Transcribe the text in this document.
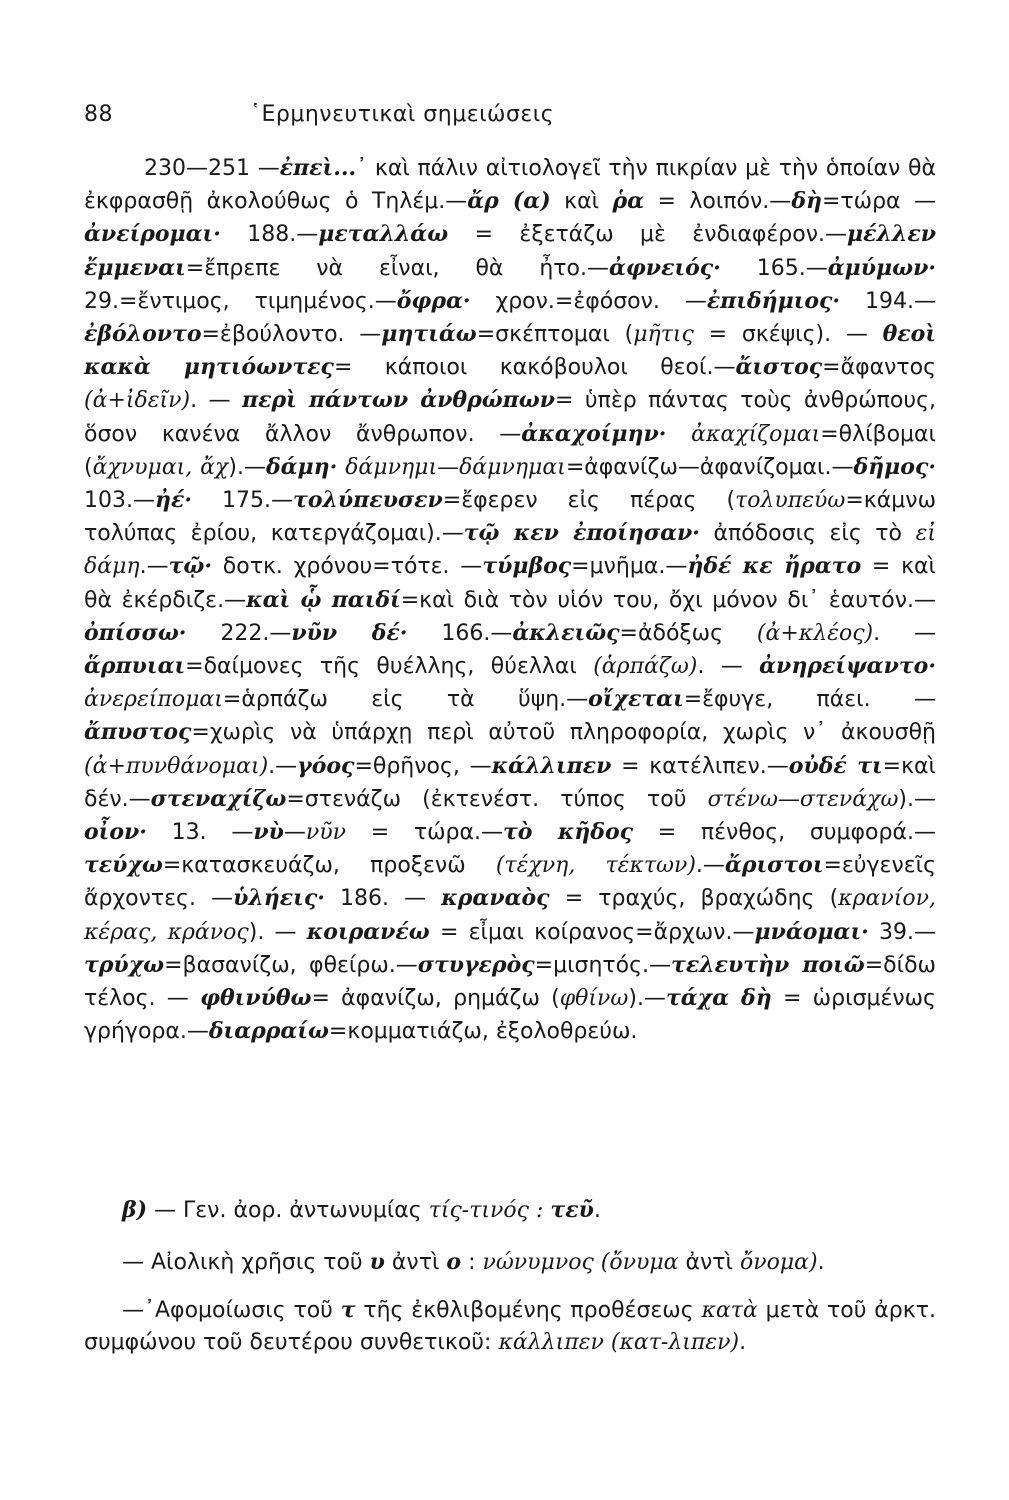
88	῾Ερμηνευτικαὶ σημειώσεις
230—251 —ἐπεὶ...᾿ καὶ πάλιν αἰτιολογεῖ τὴν πικρίαν μὲ τὴν ὁποίαν θὰ ἐκφρασθῇ ἀκολούθως ὁ Τηλέμ.—ἄρ (α) καὶ ῥα = λοιπόν.—δὴ=τώρα —ἀνείρομαι· 188.—μεταλλάω = ἐξετάζω μὲ ἐνδιαφέρον.—μέλλεν ἔμμεναι=ἔπρεπε νὰ εἶναι, θὰ ἦτο.—ἀφνειός· 165.—ἀμύμων· 29.=ἔντιμος, τιμημένος.—ὄφρα· χρον.=ἐφόσον. —ἐπιδήμιος· 194.—ἐβόλοντο=ἐβούλοντο. —μητιάω=σκέπτομαι (μῆτις = σκέψις). — θεοὶ κακὰ μητιόωντες= κάποιοι κακόβουλοι θεοί.—ἄιστος=ἄφαντος (ἀ+ἰδεῖν). — περὶ πάντων ἀνθρώπων= ὑπὲρ πάντας τοὺς ἀνθρώπους, ὅσον κανένα ἄλλον ἄνθρωπον. —ἀκαχοίμην· ἀκαχίζομαι=θλίβομαι (ἄχνυμαι, ἄχ).—δάμη· δάμνημι—δάμνημαι=ἀφανίζω—ἀφανίζομαι.—δῆμος· 103.—ἠέ· 175.—τολύπευσεν=ἔφερεν εἰς πέρας (τολυπεύω=κάμνω τολύπας ἐρίου, κατεργάζομαι).—τῷ κεν ἐποίησαν· ἀπόδοσις εἰς τὸ εἰ δάμη.—τῷ· δοτκ. χρόνου=τότε. —τύμβος=μνῆμα.—ἠδέ κε ἤρατο = καὶ θὰ ἐκέρδιζε.—καὶ ᾧ παιδί=καὶ διὰ τὸν υἱόν του, ὄχι μόνον δι᾿ ἑαυτόν.—ὀπίσσω· 222.—νῦν δέ· 166.—ἀκλειῶς=ἀδόξως (ἀ+κλέος). —ἅρπυιαι=δαίμονες τῆς θυέλλης, θύελλαι (ἁρπάζω). — ἀνηρείψαντο· ἀνερείπομαι=ἁρπάζω εἰς τὰ ὕψη.—οἴχεται=ἔφυγε, πάει. —ἄπυστος=χωρὶς νὰ ὑπάρχῃ περὶ αὐτοῦ πληροφορία, χωρὶς ν᾿ ἀκουσθῇ (ἀ+πυνθάνομαι).—γόος=θρῆνος, —κάλλιπεν = κατέλιπεν.—οὐδέ τι=καὶ δέν.—στεναχίζω=στενάζω (ἐκτενέστ. τύπος τοῦ στένω—στενάχω).—οἶον· 13. —νὺ—νῦν = τώρα.—τὸ κῆδος = πένθος, συμφορά.—τεύχω=κατασκευάζω, προξενῶ (τέχνη, τέκτων).—ἄριστοι=εὐγενεῖς ἄρχοντες. —ὑλήεις· 186. — κραναὸς = τραχύς, βραχώδης (κρανίον, κέρας, κράνος). — κοιρανέω = εἶμαι κοίρανος=ἄρχων.—μνάομαι· 39.—τρύχω=βασανίζω, φθείρω.—στυγερὸς=μισητός.—τελευτὴν ποιῶ=δίδω τέλος. — φθινύθω= ἀφανίζω, ρημάζω (φθίνω).—τάχα δὴ = ὡρισμένως γρήγορα.—διαρραίω=κομματιάζω, ἐξολοθρεύω.
β) — Γεν. ἀορ. ἀντωνυμίας τίς-τινός : τεῦ.
— Αἰολικὴ χρῆσις τοῦ υ ἀντὶ ο : νώνυμνος (ὄνυμα ἀντὶ ὄνομα).
—᾿Αφομοίωσις τοῦ τ τῆς ἐκθλιβομένης προθέσεως κατὰ μετὰ τοῦ ἀρκτ. συμφώνου τοῦ δευτέρου συνθετικοῦ: κάλλιπεν (κατ-λιπεν).
